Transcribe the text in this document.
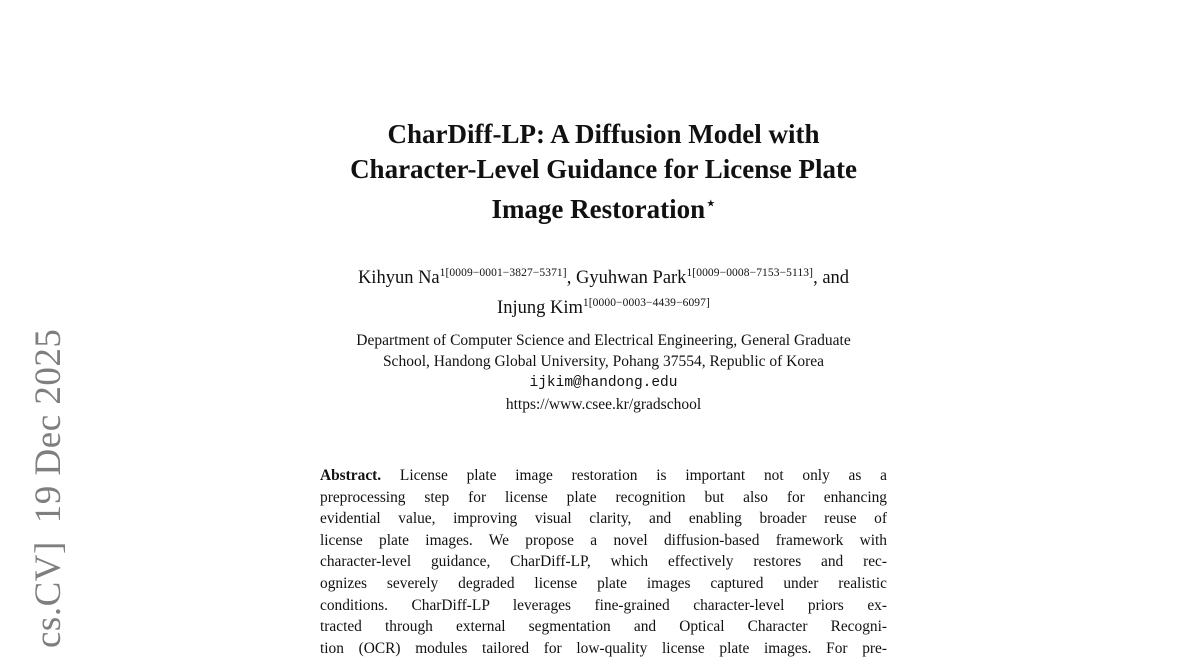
cs.CV]19 Dec 2025
CharDiff-LP: A Diffusion Model with
Character-Level Guidance for License Plate
Image Restoration⋆
Kihyun $Na^{1[0009-0001-3827-5371]}$, Gyuhwan Park$^{1[0009-0008-7153-5113]}$, and
Injung Kim$^{1[0000-0003-4439-6097]}$
Department of Computer Science and Electrical Engineering, General Graduate
School, Handong Global University, Pohang 37554, Republic of Korea
ijkim@handong.edu
https://www.csee.kr/gradschool
Abstract. License plate image restoration is important not only as a
preprocessing step for license plate recognition but also for enhancing
evidential value, improving visual clarity, and enabling broader reuse of
license plate images. We propose a novel diffusion-based framework with
character-level guidance, CharDiff-LP, which effectively restores and rec-
ognizes severely degraded license plate images captured under realistic
conditions. CharDiff-LP leverages fine-grained character-level priors ex-
tracted through external segmentation and Optical Character Recogni-
tion (OCR) modules tailored for low-quality license plate images. For pre-
